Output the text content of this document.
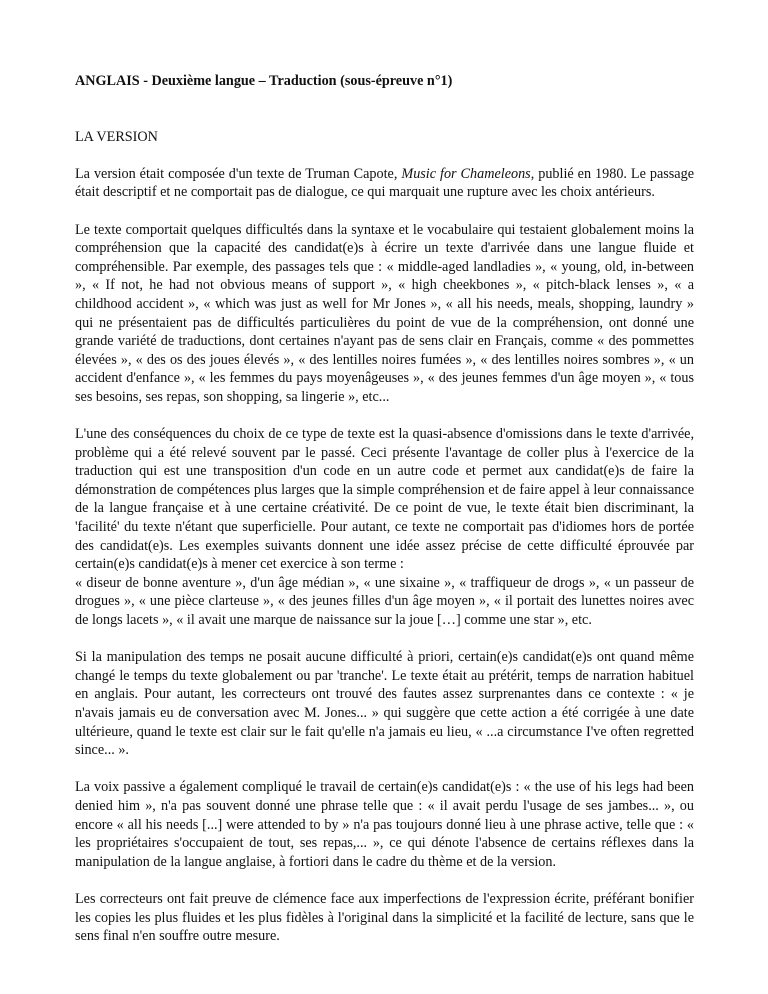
ANGLAIS - Deuxième langue – Traduction (sous-épreuve n°1)
LA VERSION

La version était composée d'un texte de Truman Capote, Music for Chameleons, publié en 1980. Le passage était descriptif et ne comportait pas de dialogue, ce qui marquait une rupture avec les choix antérieurs.

Le texte comportait quelques difficultés dans la syntaxe et le vocabulaire qui testaient globalement moins la compréhension que la capacité des candidat(e)s à écrire un texte d'arrivée dans une langue fluide et compréhensible. Par exemple, des passages tels que : « middle-aged landladies », « young, old, in-between », « If not, he had not obvious means of support », « high cheekbones », « pitch-black lenses », « a childhood accident », « which was just as well for Mr Jones », « all his needs, meals, shopping, laundry » qui ne présentaient pas de difficultés particulières du point de vue de la compréhension, ont donné une grande variété de traductions, dont certaines n'ayant pas de sens clair en Français, comme « des pommettes élevées », « des os des joues élevés », « des lentilles noires fumées », « des lentilles noires sombres », « un accident d'enfance », « les femmes du pays moyenâgeuses », « des jeunes femmes d'un âge moyen », « tous ses besoins, ses repas, son shopping, sa lingerie », etc...

L'une des conséquences du choix de ce type de texte est la quasi-absence d'omissions dans le texte d'arrivée, problème qui a été relevé souvent par le passé. Ceci présente l'avantage de coller plus à l'exercice de la traduction qui est une transposition d'un code en un autre code et permet aux candidat(e)s de faire la démonstration de compétences plus larges que la simple compréhension et de faire appel à leur connaissance de la langue française et à une certaine créativité. De ce point de vue, le texte était bien discriminant, la 'facilité' du texte n'étant que superficielle. Pour autant, ce texte ne comportait pas d'idiomes hors de portée des candidat(e)s. Les exemples suivants donnent une idée assez précise de cette difficulté éprouvée par certain(e)s candidat(e)s à mener cet exercice à son terme :

« diseur de bonne aventure », d'un âge médian », « une sixaine », « traffiqueur de drogs », « un passeur de drogues », « une pièce clarteuse », « des jeunes filles d'un âge moyen », « il portait des lunettes noires avec de longs lacets », « il avait une marque de naissance sur la joue […] comme une star », etc.

Si la manipulation des temps ne posait aucune difficulté à priori, certain(e)s candidat(e)s ont quand même changé le temps du texte globalement ou par 'tranche'. Le texte était au prétérit, temps de narration habituel en anglais. Pour autant, les correcteurs ont trouvé des fautes assez surprenantes dans ce contexte : « je n'avais jamais eu de conversation avec M. Jones... » qui suggère que cette action a été corrigée à une date ultérieure, quand le texte est clair sur le fait qu'elle n'a jamais eu lieu, « ...a circumstance I've often regretted since... ».

La voix passive a également compliqué le travail de certain(e)s candidat(e)s : « the use of his legs had been denied him », n'a pas souvent donné une phrase telle que : « il avait perdu l'usage de ses jambes... », ou encore « all his needs [...] were attended to by » n'a pas toujours donné lieu à une phrase active, telle que : « les propriétaires s'occupaient de tout, ses repas,... », ce qui dénote l'absence de certains réflexes dans la manipulation de la langue anglaise, à fortiori dans le cadre du thème et de la version.

Les correcteurs ont fait preuve de clémence face aux imperfections de l'expression écrite, préférant bonifier les copies les plus fluides et les plus fidèles à l'original dans la simplicité et la facilité de lecture, sans que le sens final n'en souffre outre mesure.
